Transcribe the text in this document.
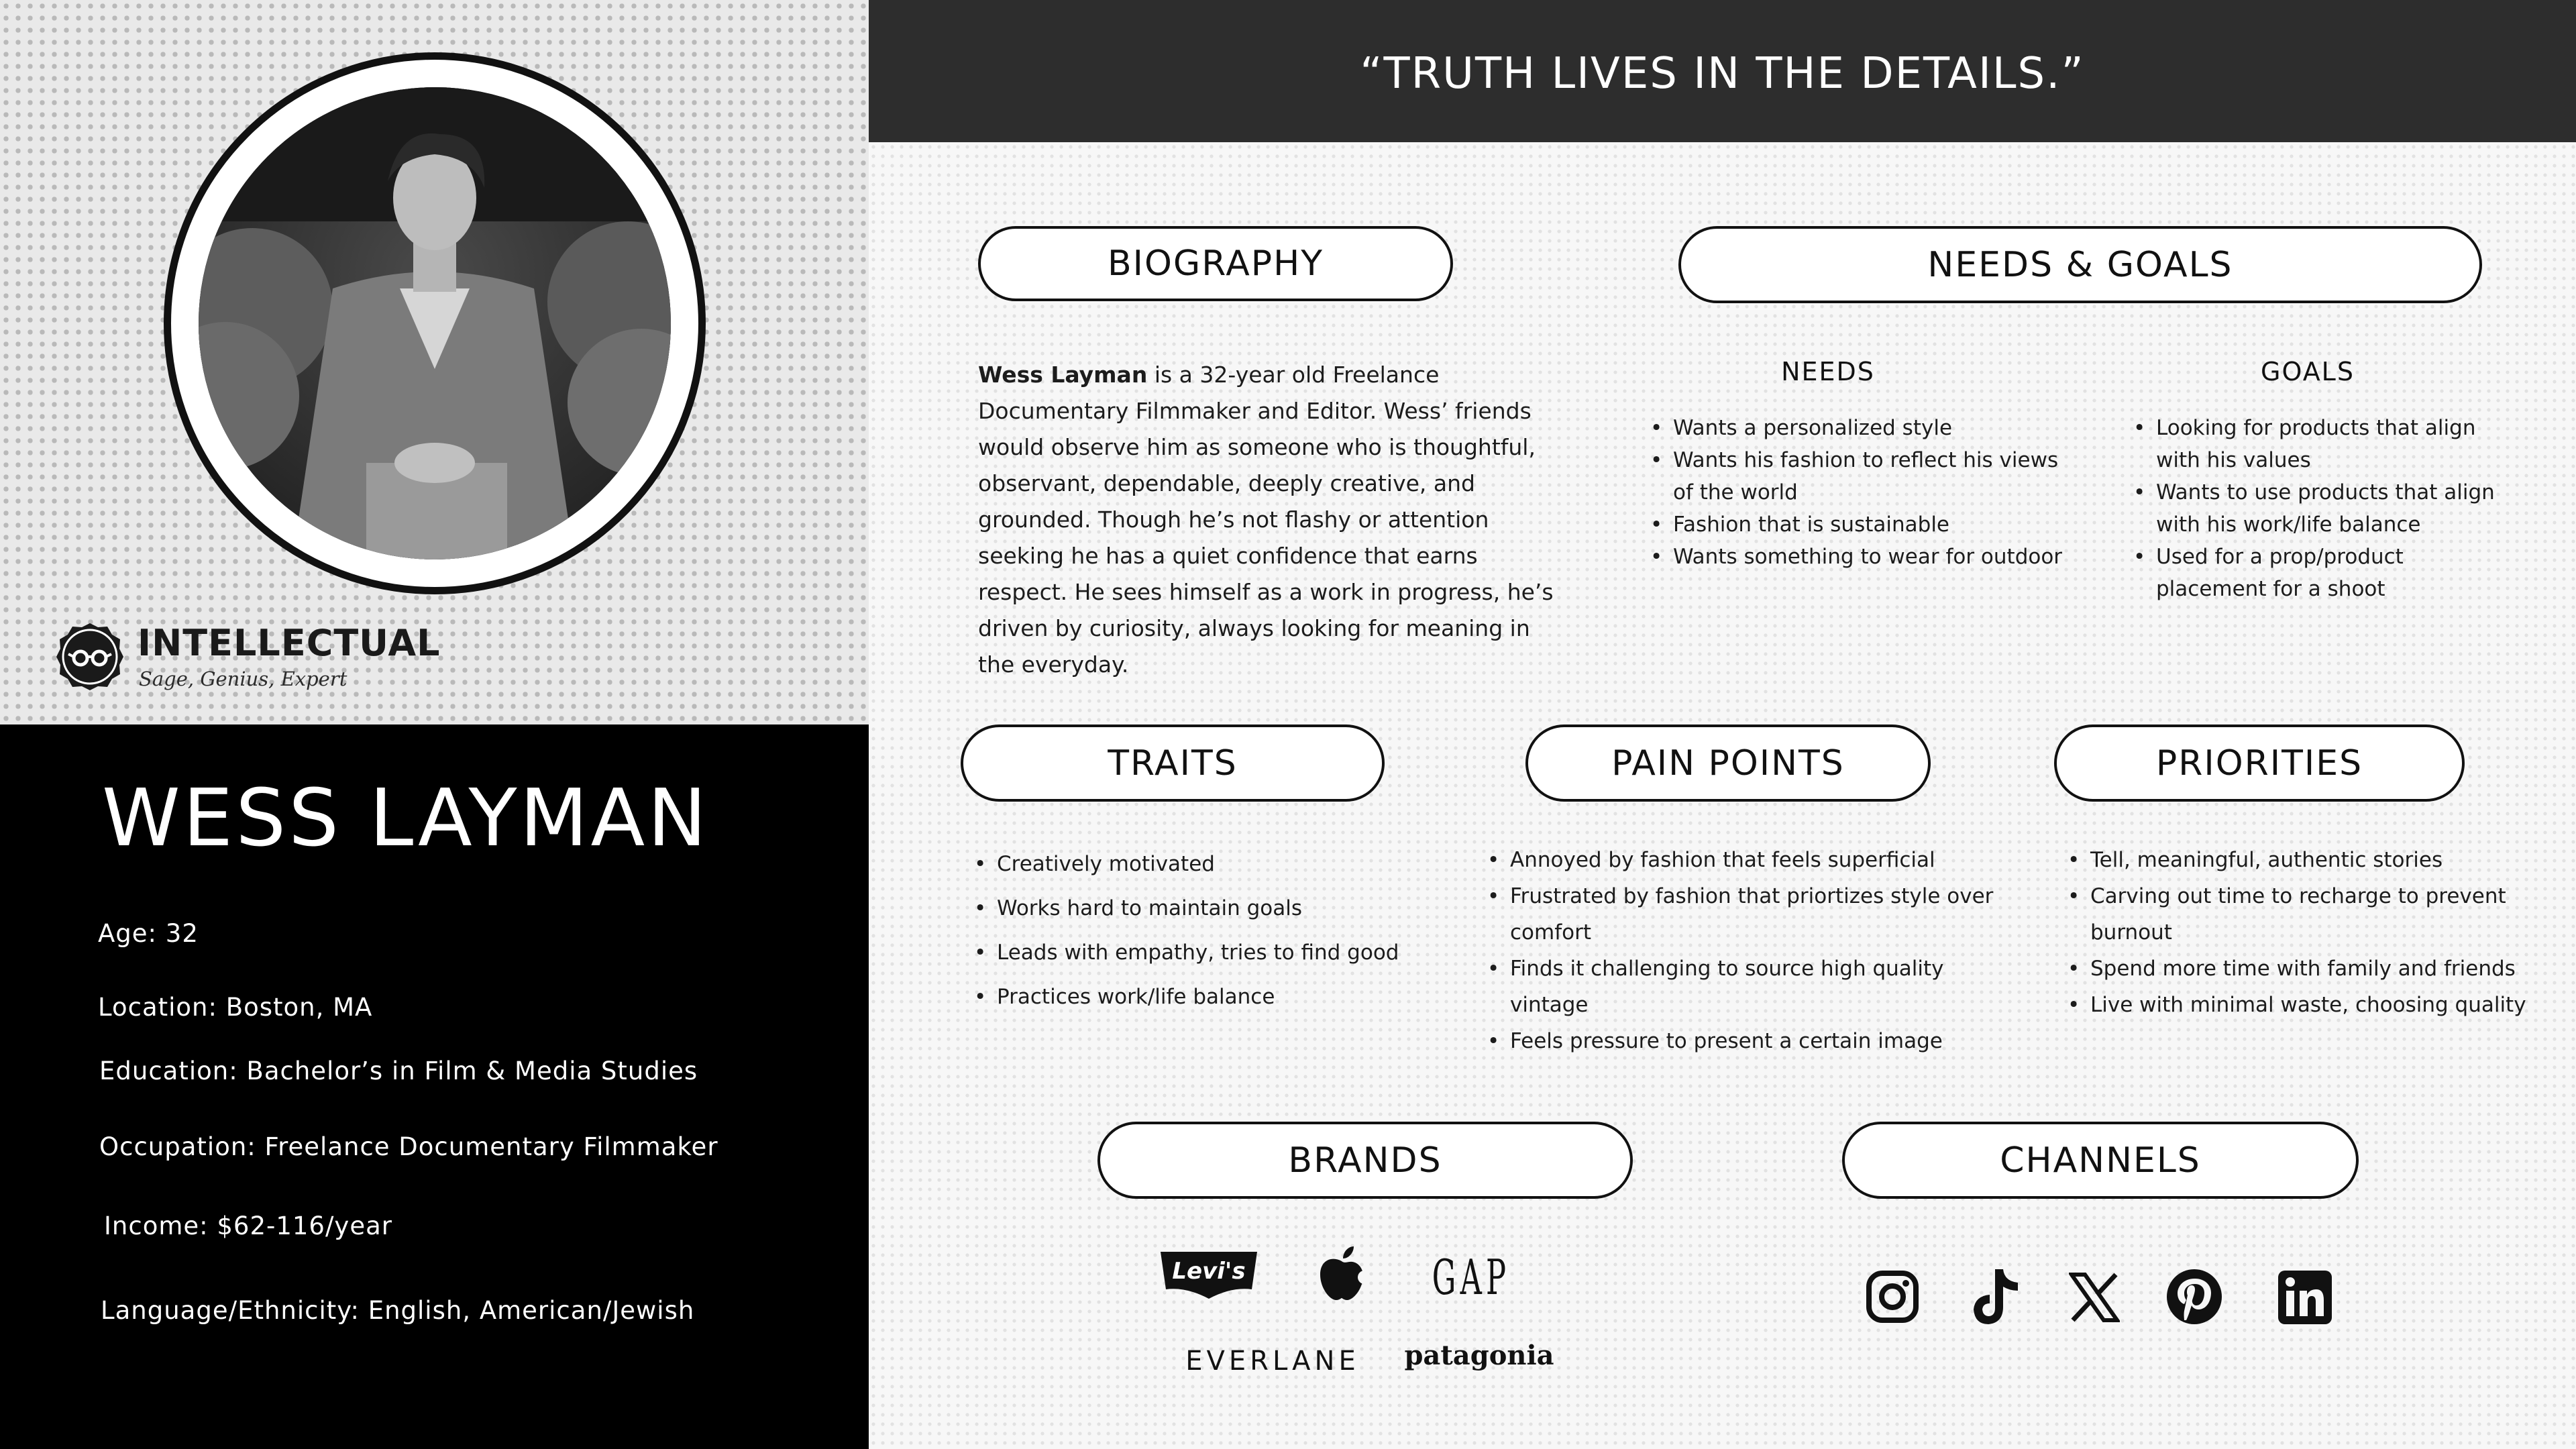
INTELLECTUAL
Sage, Genius, Expert
WESS LAYMAN
Age: 32
Location: Boston, MA
Education: Bachelor’s in Film & Media Studies
Occupation: Freelance Documentary Filmmaker
Income: $62-116/year
Language/Ethnicity: English, American/Jewish
“TRUTH LIVES IN THE DETAILS.”
BIOGRAPHY
Wess Layman is a 32-year old Freelance Documentary Filmmaker and Editor. Wess’ friends would observe him as someone who is thoughtful, observant, dependable, deeply creative, and grounded. Though he’s not flashy or attention seeking he has a quiet confidence that earns respect. He sees himself as a work in progress, he’s driven by curiosity, always looking for meaning in the everyday.
NEEDS & GOALS
NEEDS	GOALS
• Wants a personalized style
• Wants his fashion to reflect his views of the world
• Fashion that is sustainable
• Wants something to wear for outdoor
• Looking for products that align with his values
• Wants to use products that align with his work/life balance
• Used for a prop/product placement for a shoot
TRAITS
• Creatively motivated
• Works hard to maintain goals
• Leads with empathy, tries to find good
• Practices work/life balance
PAIN POINTS
• Annoyed by fashion that feels superficial
• Frustrated by fashion that priortizes style over comfort
• Finds it challenging to source high quality vintage
• Feels pressure to present a certain image
PRIORITIES
• Tell, meaningful, authentic stories
• Carving out time to recharge to prevent burnout
• Spend more time with family and friends
• Live with minimal waste, choosing quality
BRANDS
Levi's	GAP
EVERLANE	patagonia
CHANNELS
